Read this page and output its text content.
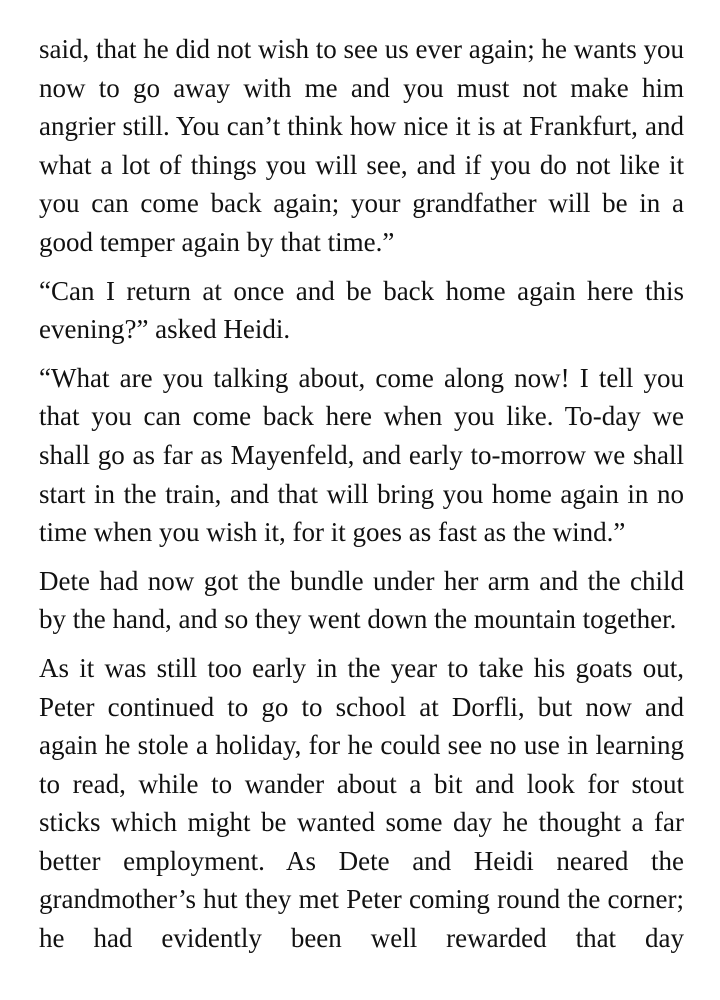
said, that he did not wish to see us ever again; he wants you now to go away with me and you must not make him angrier still. You can’t think how nice it is at Frankfurt, and what a lot of things you will see, and if you do not like it you can come back again; your grandfather will be in a good temper again by that time.”

“Can I return at once and be back home again here this evening?” asked Heidi.

“What are you talking about, come along now! I tell you that you can come back here when you like. To-day we shall go as far as Mayenfeld, and early to-morrow we shall start in the train, and that will bring you home again in no time when you wish it, for it goes as fast as the wind.”

Dete had now got the bundle under her arm and the child by the hand, and so they went down the mountain together.

As it was still too early in the year to take his goats out, Peter continued to go to school at Dorfli, but now and again he stole a holiday, for he could see no use in learning to read, while to wander about a bit and look for stout sticks which might be wanted some day he thought a far better employment. As Dete and Heidi neared the grandmother’s hut they met Peter coming round the corner; he had evidently been well rewarded that day
